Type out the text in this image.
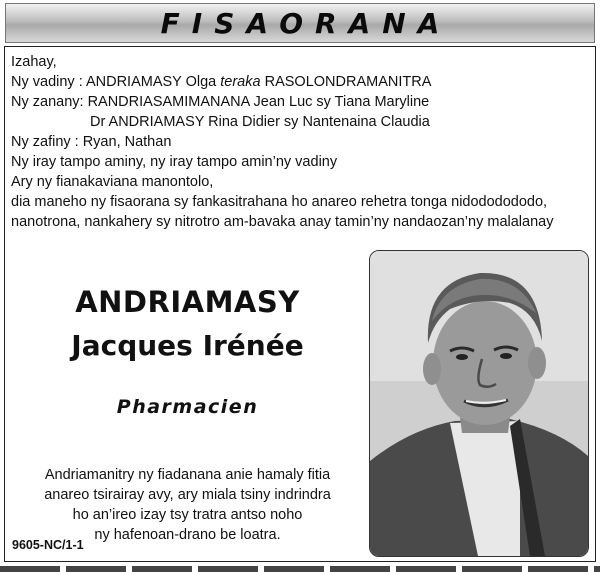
FISAORANA
Izahay,
Ny vadiny : ANDRIAMASY Olga teraka RASOLONDRAMANITRA
Ny zanany: RANDRIASAMIMANANA Jean Luc sy Tiana Maryline
Dr ANDRIAMASY Rina Didier sy Nantenaina Claudia
Ny zafiny : Ryan, Nathan
Ny iray tampo aminy, ny iray tampo amin’ny vadiny
Ary ny fianakaviana manontolo,
dia maneho ny fisaorana sy fankasitrahana ho anareo rehetra tonga nidododododo,
nanotrona, nankahery sy nitrotro am-bavaka anay tamin’ny nandaozan’ny malalanay
ANDRIAMASY
Jacques Irénée
Pharmacien
Andriamanitry ny fiadanana anie hamaly fitia
anareo tsirairay avy, ary miala tsiny indrindra
ho an’ireo izay tsy tratra antso noho
ny hafenoan-drano be loatra.
9605-NC/1-1
